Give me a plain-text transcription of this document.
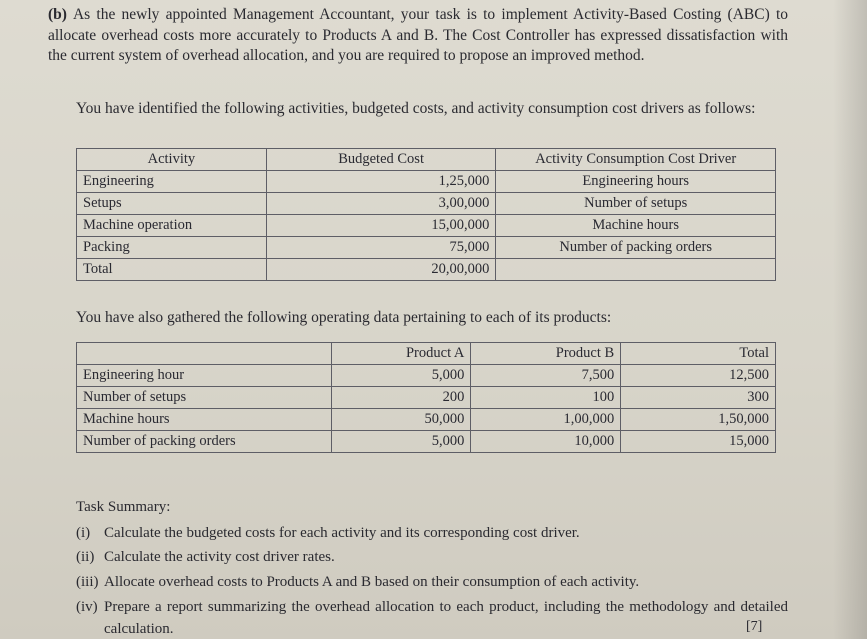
(b) As the newly appointed Management Accountant, your task is to implement Activity-Based Costing (ABC) to allocate overhead costs more accurately to Products A and B. The Cost Controller has expressed dissatisfaction with the current system of overhead allocation, and you are required to propose an improved method.

You have identified the following activities, budgeted costs, and activity consumption cost drivers as follows:

Activity	Budgeted Cost	Activity Consumption Cost Driver
Engineering	1,25,000	Engineering hours
Setups	3,00,000	Number of setups
Machine operation	15,00,000	Machine hours
Packing	75,000	Number of packing orders
Total	20,00,000	

You have also gathered the following operating data pertaining to each of its products:

	Product A	Product B	Total
Engineering hour	5,000	7,500	12,500
Number of setups	200	100	300
Machine hours	50,000	1,00,000	1,50,000
Number of packing orders	5,000	10,000	15,000

Task Summary:

(i) Calculate the budgeted costs for each activity and its corresponding cost driver.
(ii) Calculate the activity cost driver rates.
(iii) Allocate overhead costs to Products A and B based on their consumption of each activity.
(iv) Prepare a report summarizing the overhead allocation to each product, including the methodology and detailed calculation.	[7]
